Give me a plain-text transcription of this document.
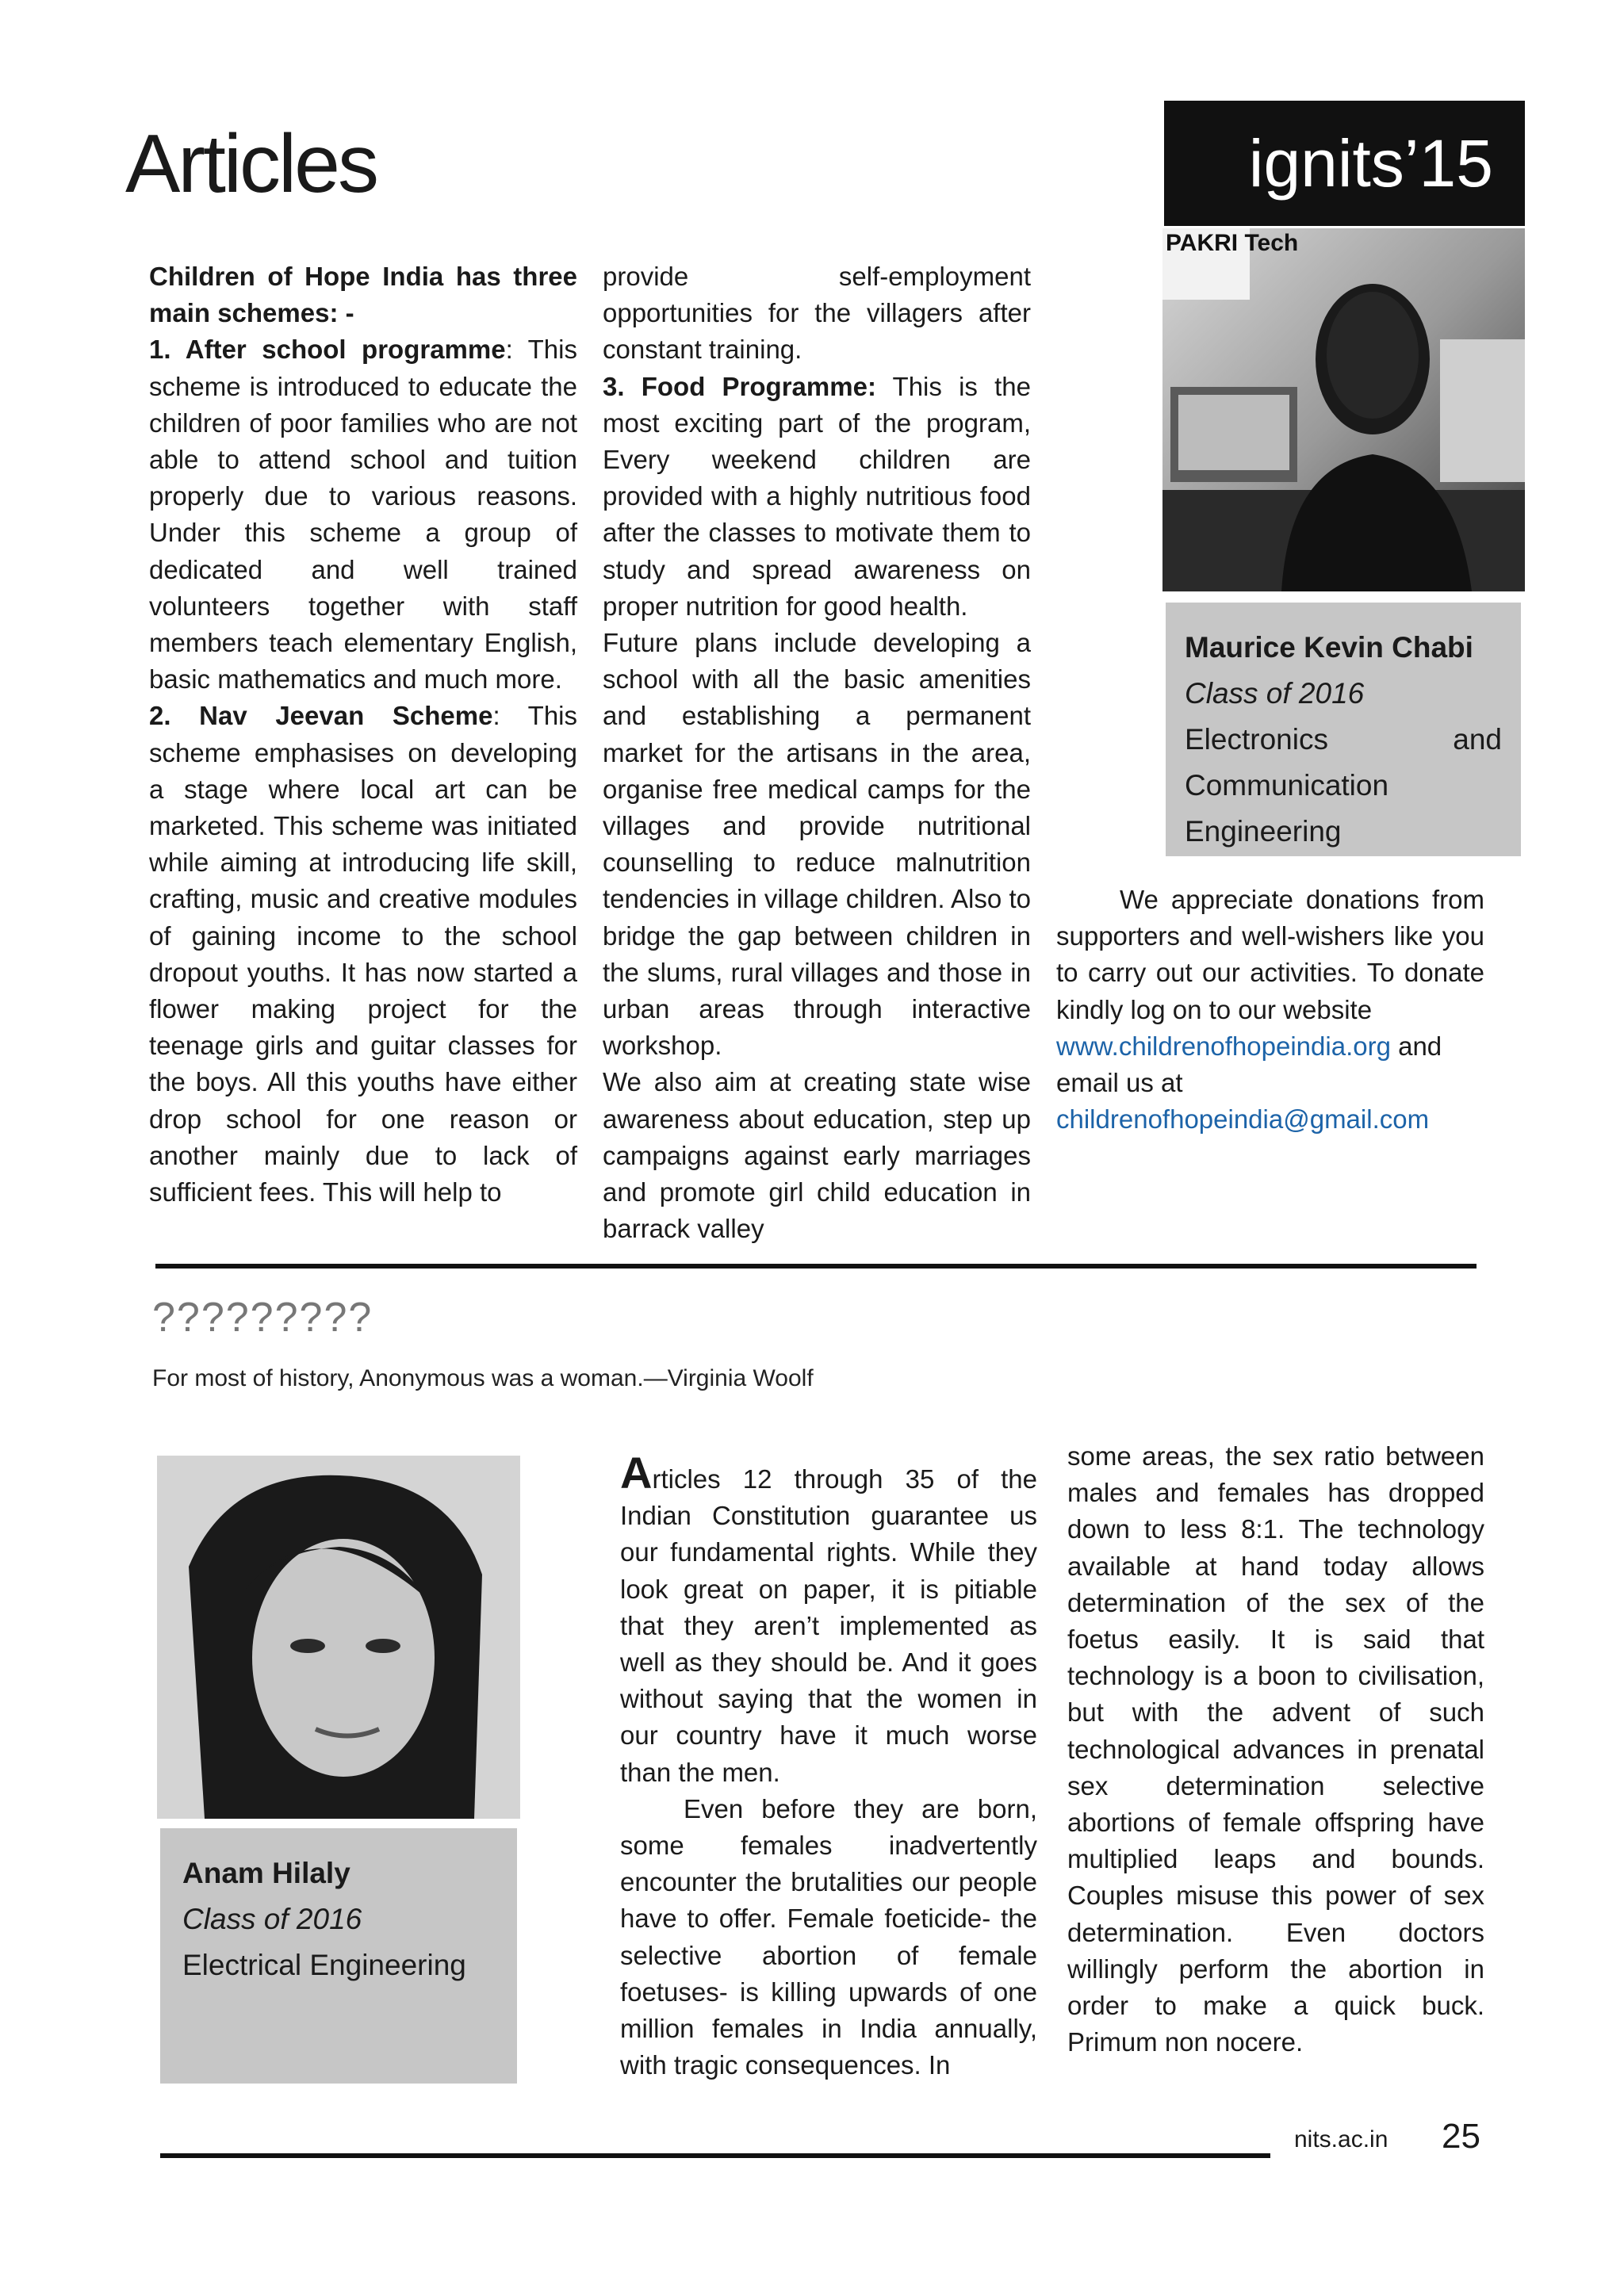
Articles	ignits’15

Children of Hope India has three main schemes: -
1. After school programme: This scheme is introduced to educate the children of poor families who are not able to attend school and tuition properly due to various reasons. Under this scheme a group of dedicated and well trained volunteers together with staff members teach elementary English, basic mathematics and much more.
2. Nav Jeevan Scheme: This scheme emphasises on developing a stage where local art can be marketed. This scheme was initiated while aiming at introducing life skill, crafting, music and creative modules of gaining income to the school dropout youths. It has now started a flower making project for the teenage girls and guitar classes for the boys. All this youths have either drop school for one reason or another mainly due to lack of sufficient fees. This will help to

provide self-employment opportunities for the villagers after constant training.

3. Food Programme: This is the most exciting part of the program, Every weekend children are provided with a highly nutritious food after the classes to motivate them to study and spread awareness on proper nutrition for good health.

Future plans include developing a school with all the basic amenities and establishing a permanent market for the artisans in the area, organise free medical camps for the villages and provide nutritional counselling to reduce malnutrition tendencies in village children. Also to bridge the gap between children in the slums, rural villages and those in urban areas through interactive workshop.

We also aim at creating state wise awareness about education, step up campaigns against early marriages and promote girl child education in barrack valley

PAKRI Tech
Maurice Kevin Chabi
Class of 2016
Electronics and Communication Engineering

We appreciate donations from supporters and well-wishers like you to carry out our activities. To donate kindly log on to our website

www.childrenofhopeindia.org and

email us at

childrenofhopeindia@gmail.com

?????????
For most of history, Anonymous was a woman.—Virginia Woolf
Anam Hilaly
Class of 2016
Electrical Engineering

Articles 12 through 35 of the Indian Constitution guarantee us our fundamental rights. While they look great on paper, it is pitiable that they aren’t implemented as well as they should be. And it goes without saying that the women in our country have it much worse than the men.

Even before they are born, some females inadvertently encounter the brutalities our people have to offer. Female foeticide- the selective abortion of female foetuses- is killing upwards of one million females in India annually, with tragic consequences. In

some areas, the sex ratio between males and females has dropped down to less 8:1. The technology available at hand today allows determination of the sex of the foetus easily. It is said that technology is a boon to civilisation, but with the advent of such technological advances in prenatal sex determination selective abortions of female offspring have multiplied leaps and bounds. Couples misuse this power of sex determination. Even doctors willingly perform the abortion in order to make a quick buck. Primum non nocere.

nits.ac.in 25
